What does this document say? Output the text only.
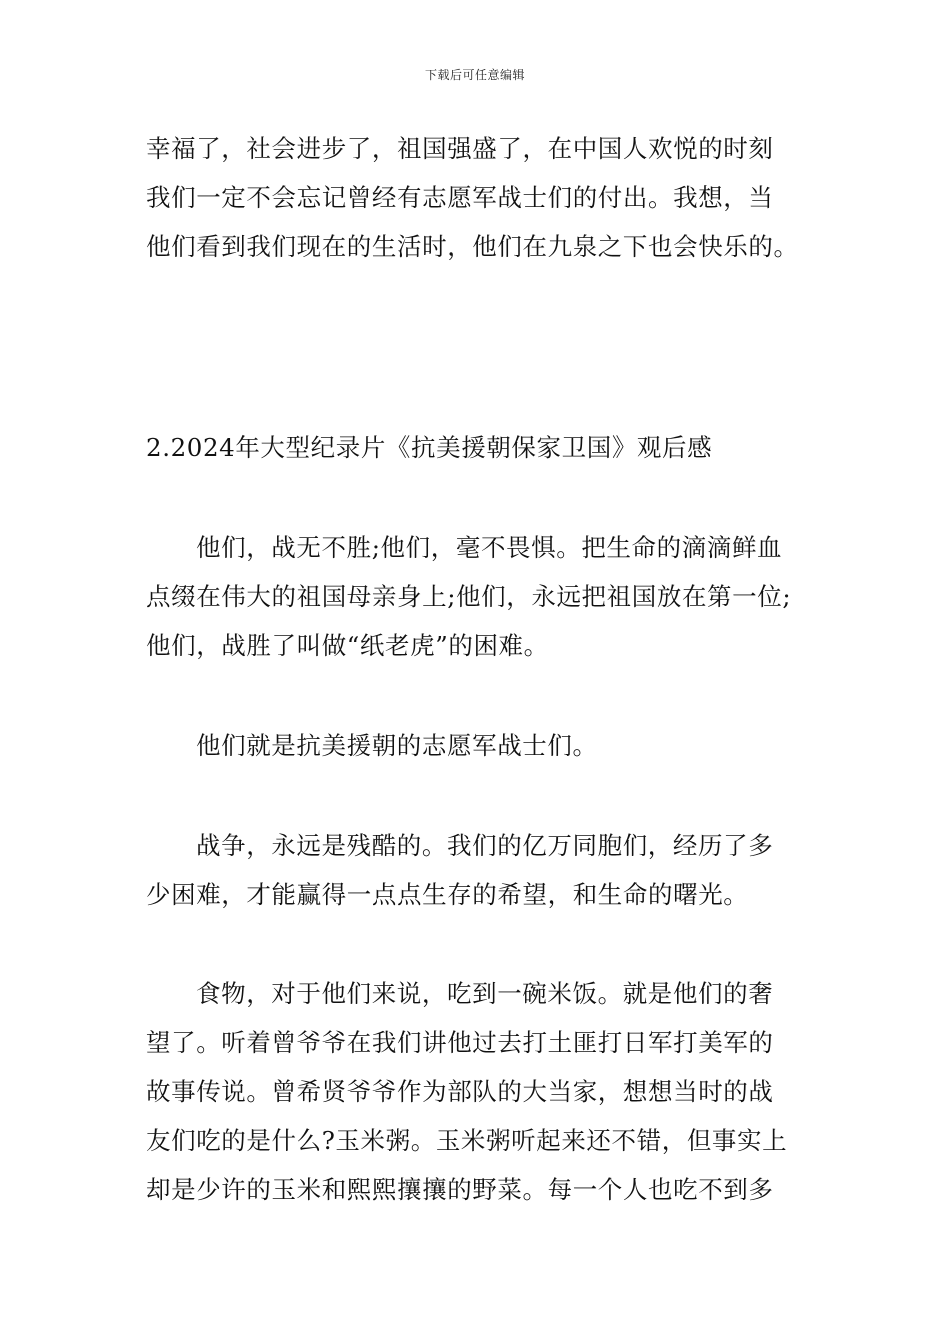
下载后可任意编辑
幸福了，社会进步了，祖国强盛了，在中国人欢悦的时刻
我们一定不会忘记曾经有志愿军战士们的付出。我想，当
他们看到我们现在的生活时，他们在九泉之下也会快乐的。
2.2024年大型纪录片《抗美援朝保家卫国》观后感
他们，战无不胜;他们，毫不畏惧。把生命的滴滴鲜血
点缀在伟大的祖国母亲身上;他们，永远把祖国放在第一位;
他们，战胜了叫做“纸老虎”的困难。
他们就是抗美援朝的志愿军战士们。
战争，永远是残酷的。我们的亿万同胞们，经历了多
少困难，才能赢得一点点生存的希望，和生命的曙光。
食物，对于他们来说，吃到一碗米饭。就是他们的奢
望了。听着曾爷爷在我们讲他过去打土匪打日军打美军的
故事传说。曾希贤爷爷作为部队的大当家，想想当时的战
友们吃的是什么?玉米粥。玉米粥听起来还不错，但事实上
却是少许的玉米和熙熙攘攘的野菜。每一个人也吃不到多
